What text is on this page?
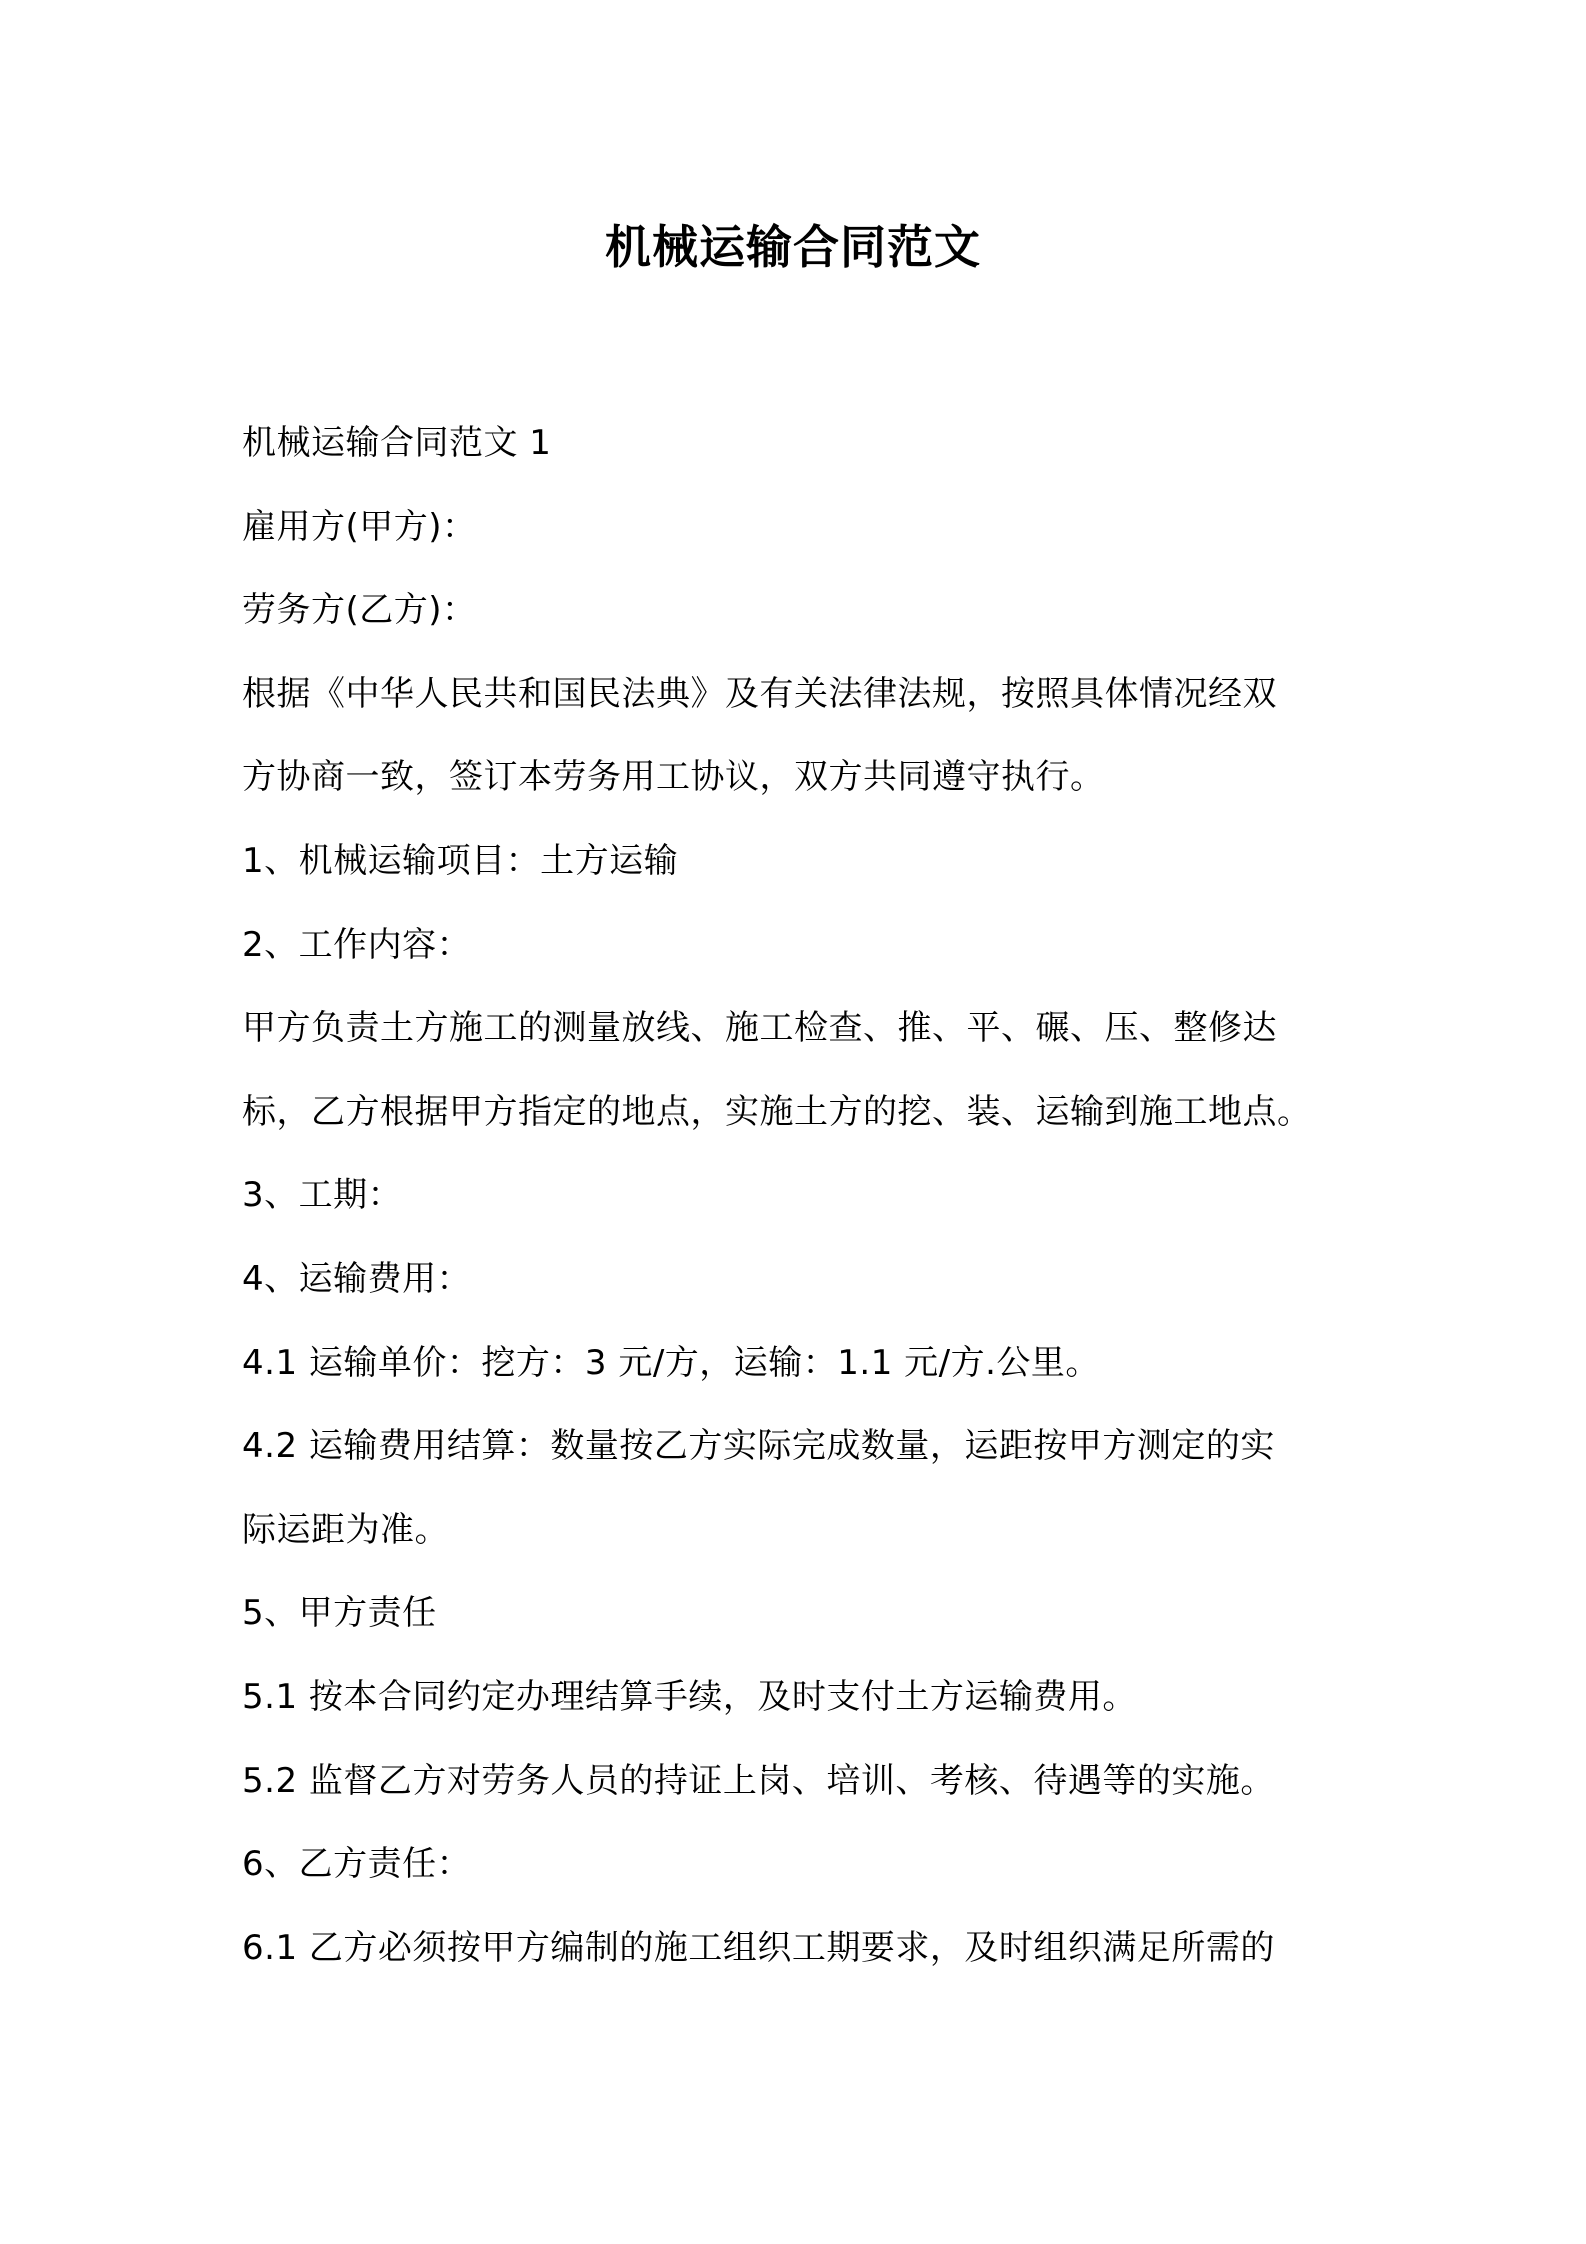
机械运输合同范文

机械运输合同范文 1

雇用方(甲方)：

劳务方(乙方)：

根据《中华人民共和国民法典》及有关法律法规，按照具体情况经双

方协商一致，签订本劳务用工协议，双方共同遵守执行。

1、机械运输项目：土方运输

2、工作内容：

甲方负责土方施工的测量放线、施工检查、推、平、碾、压、整修达

标，乙方根据甲方指定的地点，实施土方的挖、装、运输到施工地点。

3、工期：

4、运输费用：

4.1 运输单价：挖方：3 元/方，运输：1.1 元/方.公里。

4.2 运输费用结算：数量按乙方实际完成数量，运距按甲方测定的实

际运距为准。

5、甲方责任

5.1 按本合同约定办理结算手续，及时支付土方运输费用。

5.2 监督乙方对劳务人员的持证上岗、培训、考核、待遇等的实施。

6、乙方责任：

6.1 乙方必须按甲方编制的施工组织工期要求，及时组织满足所需的
